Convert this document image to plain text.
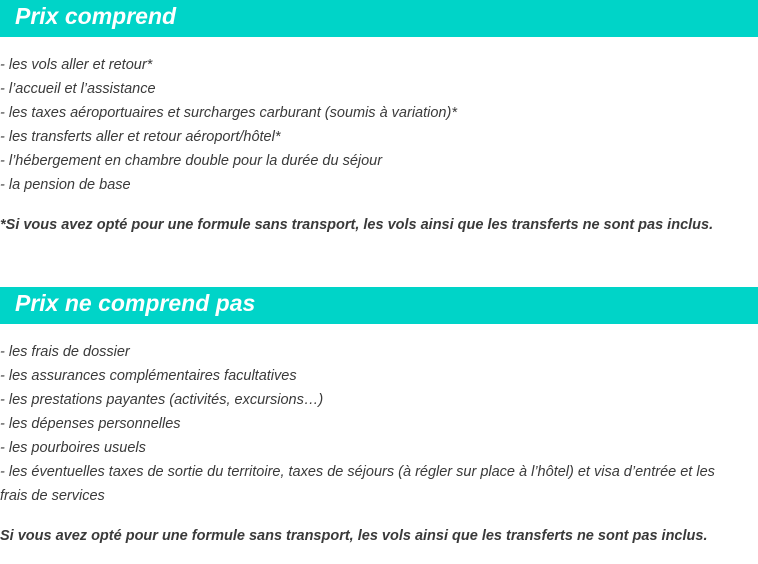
Prix comprend
- les vols aller et retour*
- l’accueil et l’assistance
- les taxes aéroportuaires et surcharges carburant (soumis à variation)*
- les transferts aller et retour aéroport/hôtel*
- l’hébergement en chambre double pour la durée du séjour
- la pension de base
*Si vous avez opté pour une formule sans transport, les vols ainsi que les transferts ne sont pas inclus.
Prix ne comprend pas
- les frais de dossier
- les assurances complémentaires facultatives
- les prestations payantes (activités, excursions…)
- les dépenses personnelles
- les pourboires usuels
- les éventuelles taxes de sortie du territoire, taxes de séjours (à régler sur place à l’hôtel) et visa d’entrée et les frais de services
Si vous avez opté pour une formule sans transport, les vols ainsi que les transferts ne sont pas inclus.
